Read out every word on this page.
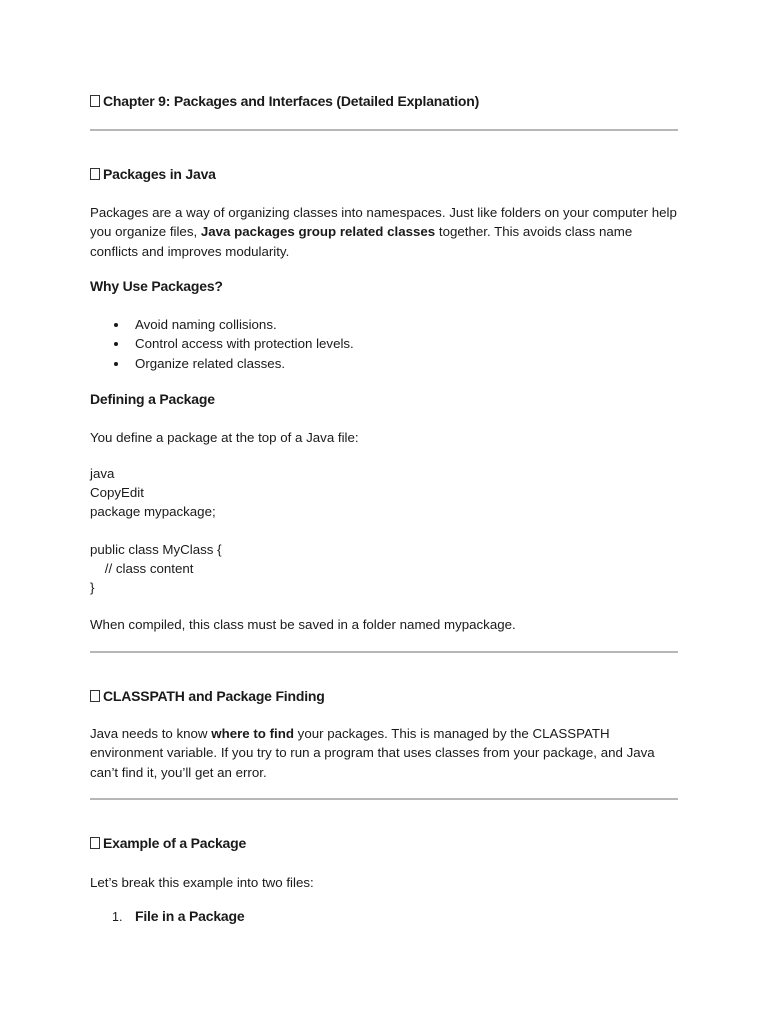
Chapter 9: Packages and Interfaces (Detailed Explanation)
Packages in Java
Packages are a way of organizing classes into namespaces. Just like folders on your computer help you organize files, Java packages group related classes together. This avoids class name conflicts and improves modularity.
Why Use Packages?
Avoid naming collisions.
Control access with protection levels.
Organize related classes.
Defining a Package
You define a package at the top of a Java file:
java
CopyEdit
package mypackage;

public class MyClass {
// class content
}
When compiled, this class must be saved in a folder named mypackage.
CLASSPATH and Package Finding
Java needs to know where to find your packages. This is managed by the CLASSPATH environment variable. If you try to run a program that uses classes from your package, and Java can’t find it, you’ll get an error.
Example of a Package
Let’s break this example into two files:
1. File in a Package
